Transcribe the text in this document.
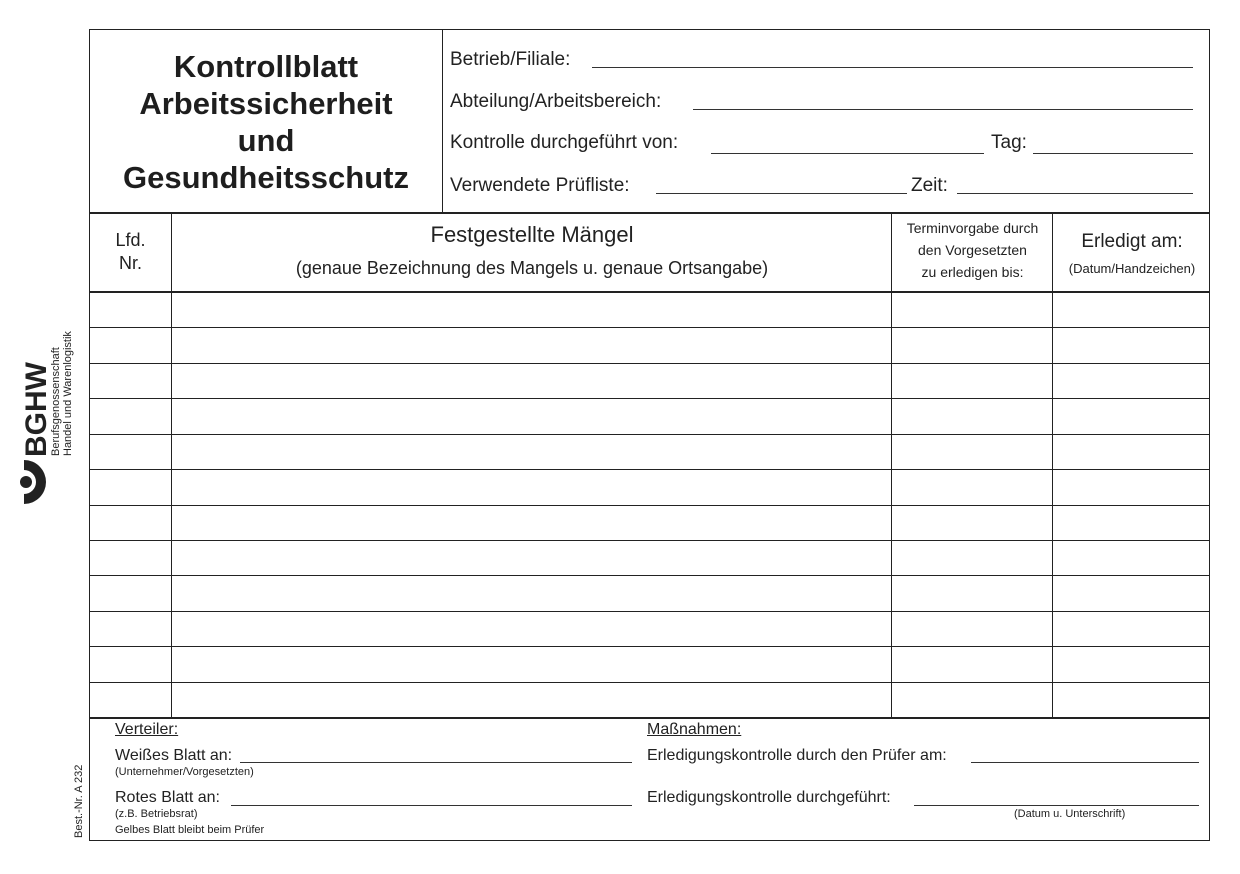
Kontrollblatt
Arbeitssicherheit
und
Gesundheitsschutz
Betrieb/Filiale:
Abteilung/Arbeitsbereich:
Kontrolle durchgeführt von:	Tag:
Verwendete Prüfliste:	Zeit:
Lfd.
Nr.
Festgestellte Mängel
(genaue Bezeichnung des Mangels u. genaue Ortsangabe)
Terminvorgabe durch
den Vorgesetzten
zu erledigen bis:
Erledigt am:
(Datum/Handzeichen)
Verteiler:
Weißes Blatt an:
(Unternehmer/Vorgesetzten)
Rotes Blatt an:
(z.B. Betriebsrat)
Gelbes Blatt bleibt beim Prüfer
Maßnahmen:
Erledigungskontrolle durch den Prüfer am:
Erledigungskontrolle durchgeführt:
(Datum u. Unterschrift)
BGHW
Berufsgenossenschaft
Handel und Warenlogistik
Best.-Nr. A 232
